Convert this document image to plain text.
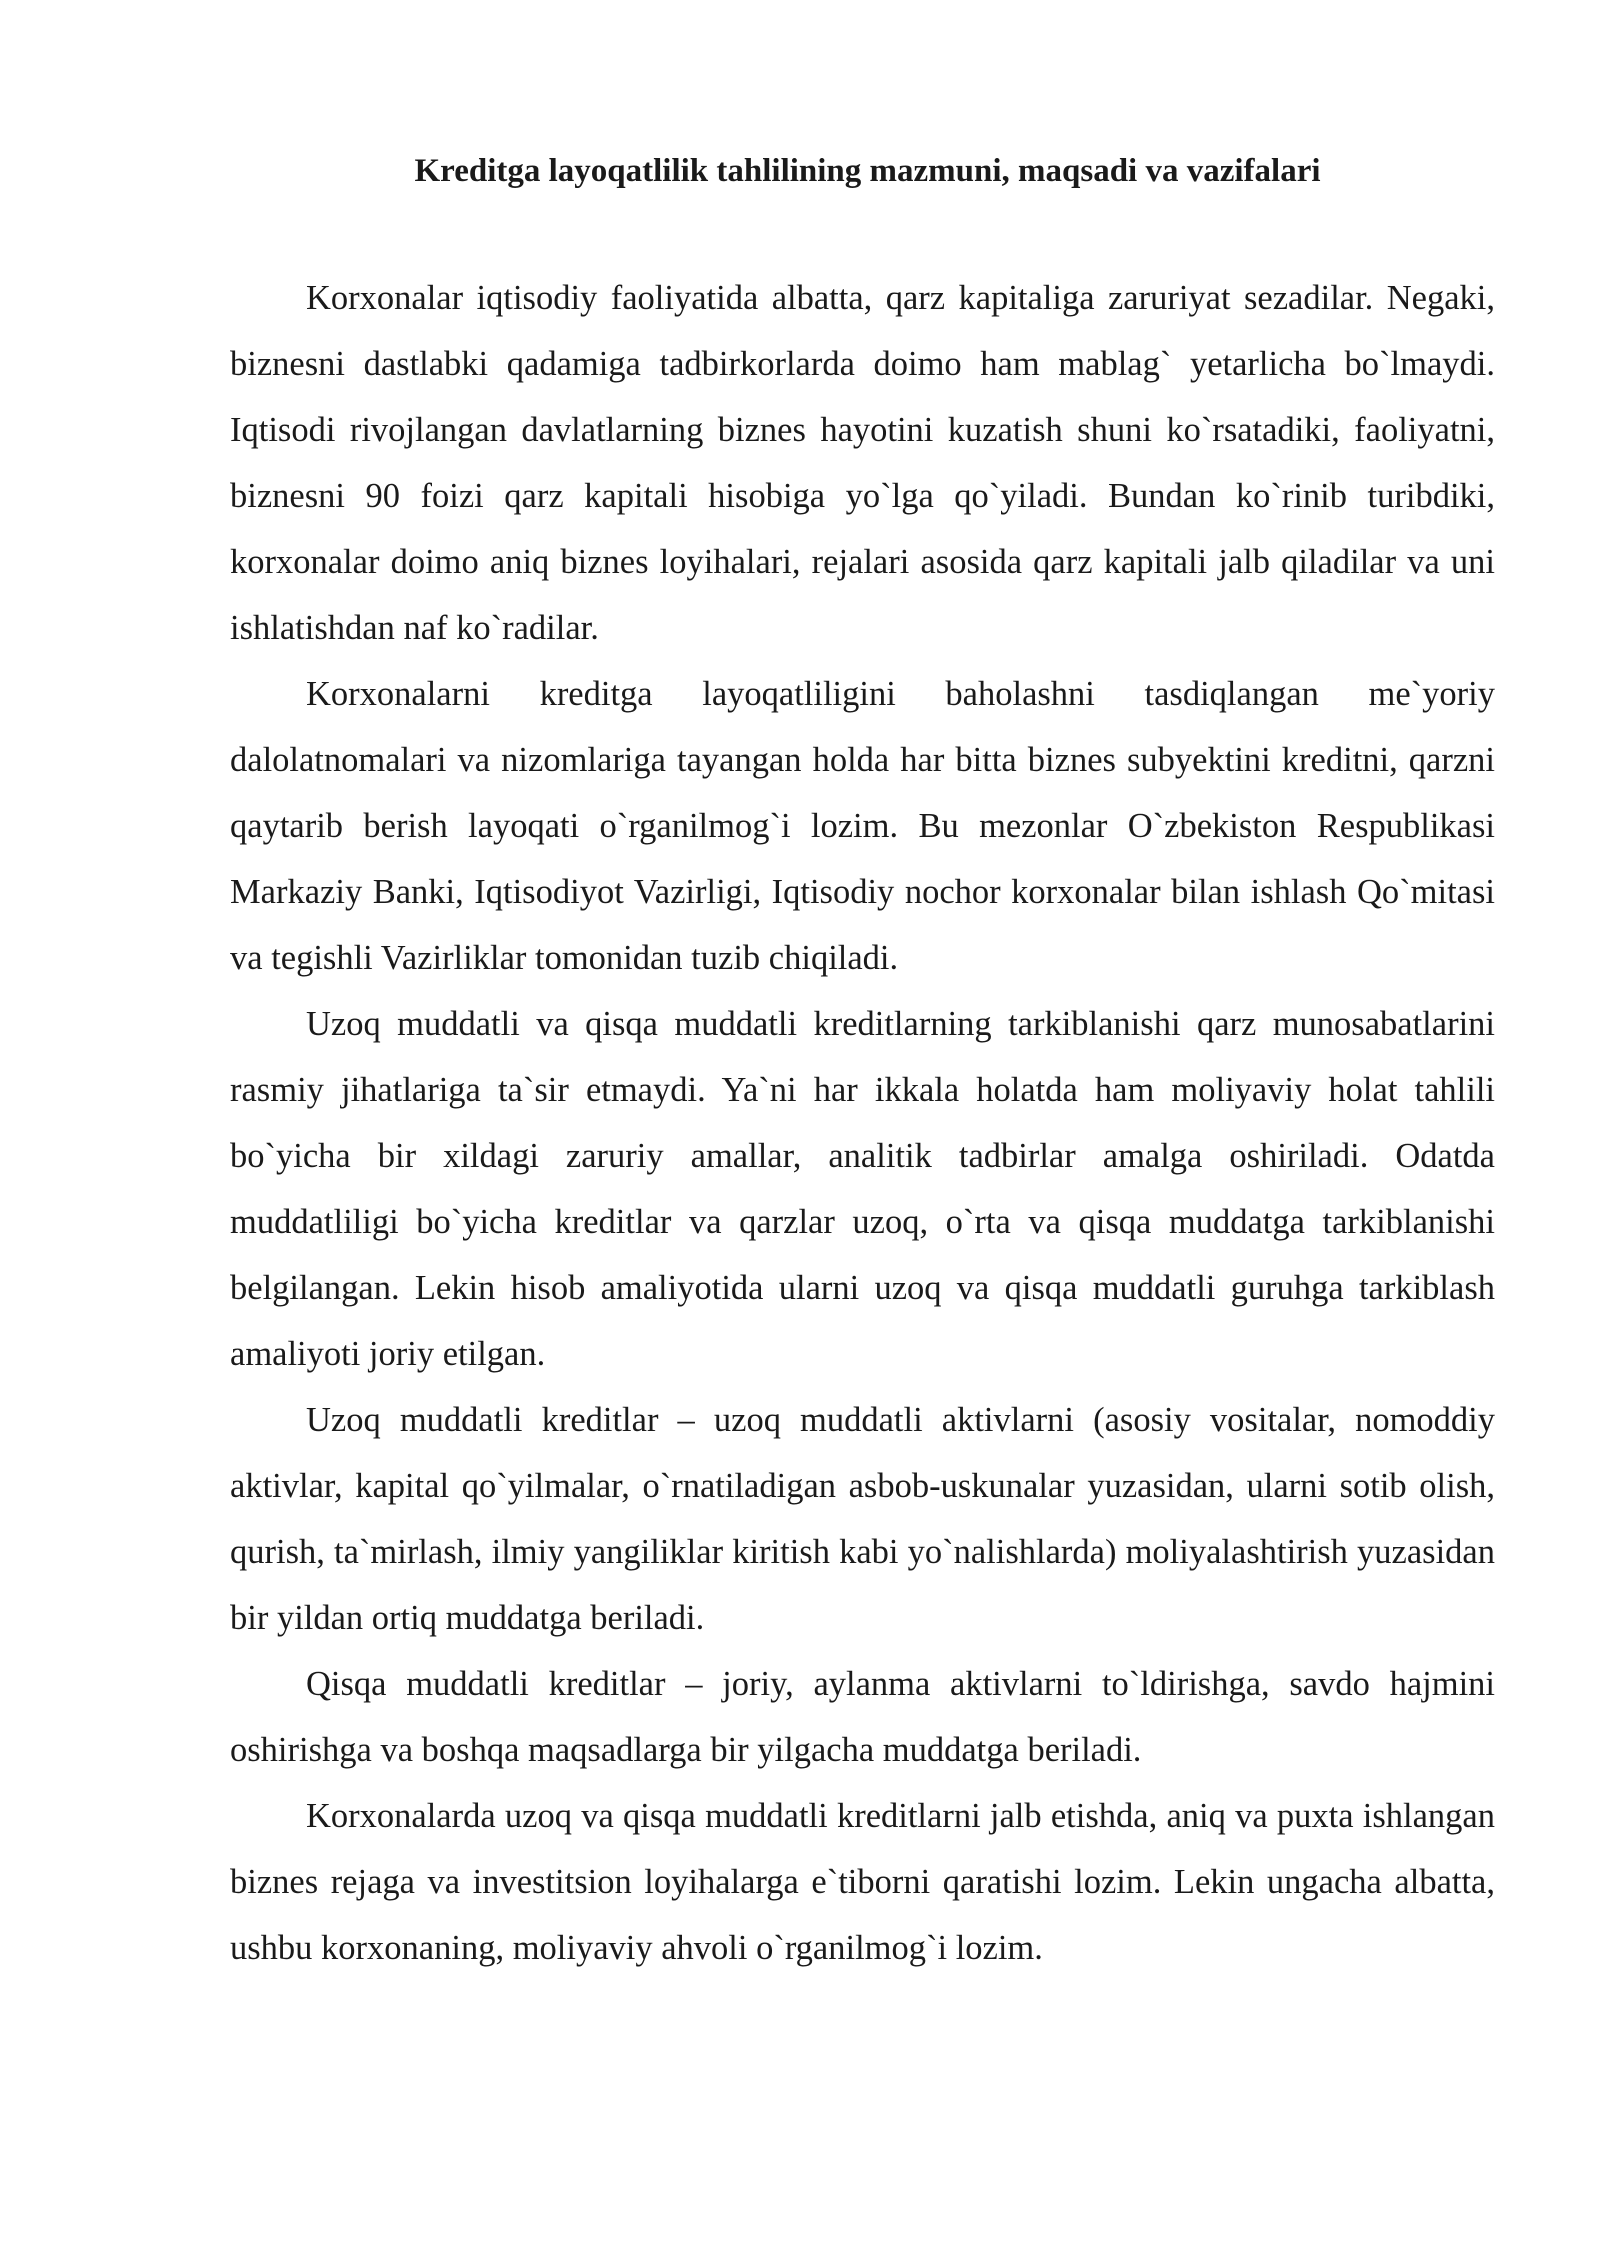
Kreditga layoqatlilik tahlilining mazmuni, maqsadi va vazifalari

Korxonalar iqtisodiy faoliyatida albatta, qarz kapitaliga zaruriyat sezadilar. Negaki, biznesni dastlabki qadamiga tadbirkorlarda doimo ham mablag` yetarlicha bo`lmaydi. Iqtisodi rivojlangan davlatlarning biznes hayotini kuzatish shuni ko`rsatadiki, faoliyatni, biznesni 90 foizi qarz kapitali hisobiga yo`lga qo`yiladi. Bundan ko`rinib turibdiki, korxonalar doimo aniq biznes loyihalari, rejalari asosida qarz kapitali jalb qiladilar va uni ishlatishdan naf ko`radilar.

Korxonalarni kreditga layoqatliligini baholashni tasdiqlangan me`yoriy dalolatnomalari va nizomlariga tayangan holda har bitta biznes subyektini kreditni, qarzni qaytarib berish layoqati o`rganilmog`i lozim. Bu mezonlar O`zbekiston Respublikasi Markaziy Banki, Iqtisodiyot Vazirligi, Iqtisodiy nochor korxonalar bilan ishlash Qo`mitasi va tegishli Vazirliklar tomonidan tuzib chiqiladi.

Uzoq muddatli va qisqa muddatli kreditlarning tarkiblanishi qarz munosabatlarini rasmiy jihatlariga ta`sir etmaydi. Ya`ni har ikkala holatda ham moliyaviy holat tahlili bo`yicha bir xildagi zaruriy amallar, analitik tadbirlar amalga oshiriladi. Odatda muddatliligi bo`yicha kreditlar va qarzlar uzoq, o`rta va qisqa muddatga tarkiblanishi belgilangan. Lekin hisob amaliyotida ularni uzoq va qisqa muddatli guruhga tarkiblash amaliyoti joriy etilgan.

Uzoq muddatli kreditlar – uzoq muddatli aktivlarni (asosiy vositalar, nomoddiy aktivlar, kapital qo`yilmalar, o`rnatiladigan asbob-uskunalar yuzasidan, ularni sotib olish, qurish, ta`mirlash, ilmiy yangiliklar kiritish kabi yo`nalishlarda) moliyalashtirish yuzasidan bir yildan ortiq muddatga beriladi.

Qisqa muddatli kreditlar – joriy, aylanma aktivlarni to`ldirishga, savdo hajmini oshirishga va boshqa maqsadlarga bir yilgacha muddatga beriladi.

Korxonalarda uzoq va qisqa muddatli kreditlarni jalb etishda, aniq va puxta ishlangan biznes rejaga va investitsion loyihalarga e`tiborni qaratishi lozim. Lekin ungacha albatta, ushbu korxonaning, moliyaviy ahvoli o`rganilmog`i lozim.
